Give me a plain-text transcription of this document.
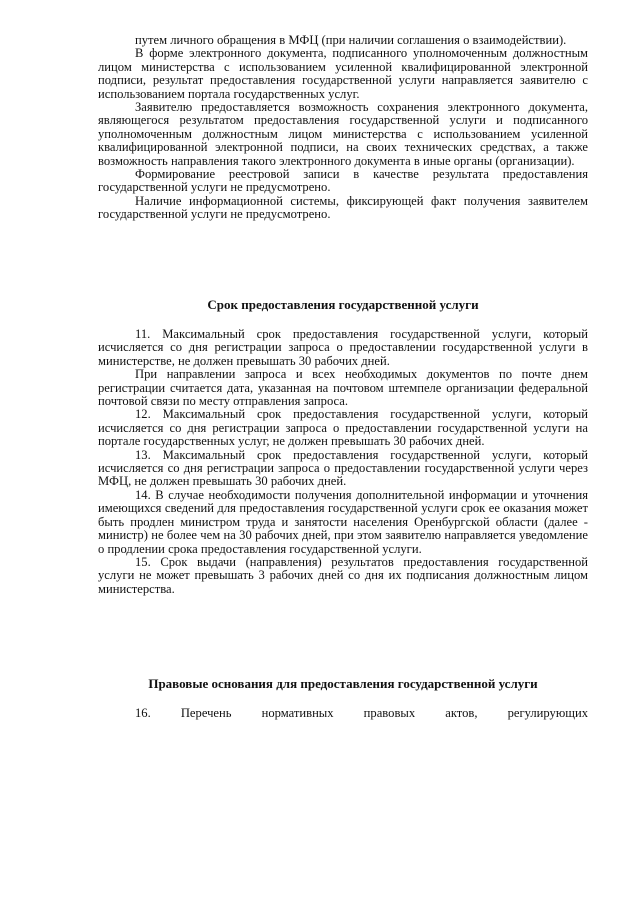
путем личного обращения в МФЦ (при наличии соглашения о взаимодействии).

В форме электронного документа, подписанного уполномоченным должностным лицом министерства с использованием усиленной квалифицированной электронной подписи, результат предоставления государственной услуги направляется заявителю с использованием портала государственных услуг.

Заявителю предоставляется возможность сохранения электронного документа, являющегося результатом предоставления государственной услуги и подписанного уполномоченным должностным лицом министерства с использованием усиленной квалифицированной электронной подписи, на своих технических средствах, а также возможность направления такого электронного документа в иные органы (организации).

Формирование реестровой записи в качестве результата предоставления государственной услуги не предусмотрено.

Наличие информационной системы, фиксирующей факт получения заявителем государственной услуги не предусмотрено.

Срок предоставления государственной услуги

11. Максимальный срок предоставления государственной услуги, который исчисляется со дня регистрации запроса о предоставлении государственной услуги в министерстве, не должен превышать 30 рабочих дней.

При направлении запроса и всех необходимых документов по почте днем регистрации считается дата, указанная на почтовом штемпеле организации федеральной почтовой связи по месту отправления запроса.

12. Максимальный срок предоставления государственной услуги, который исчисляется со дня регистрации запроса о предоставлении государственной услуги на портале государственных услуг, не должен превышать 30 рабочих дней.

13. Максимальный срок предоставления государственной услуги, который исчисляется со дня регистрации запроса о предоставлении государственной услуги через МФЦ, не должен превышать 30 рабочих дней.

14. В случае необходимости получения дополнительной информации и уточнения имеющихся сведений для предоставления государственной услуги срок ее оказания может быть продлен министром труда и занятости населения Оренбургской области (далее - министр) не более чем на 30 рабочих дней, при этом заявителю направляется уведомление о продлении срока предоставления государственной услуги.

15. Срок выдачи (направления) результатов предоставления государственной услуги не может превышать 3 рабочих дней со дня их подписания должностным лицом министерства.

Правовые основания для предоставления государственной услуги

16. Перечень нормативных правовых актов, регулирующих
